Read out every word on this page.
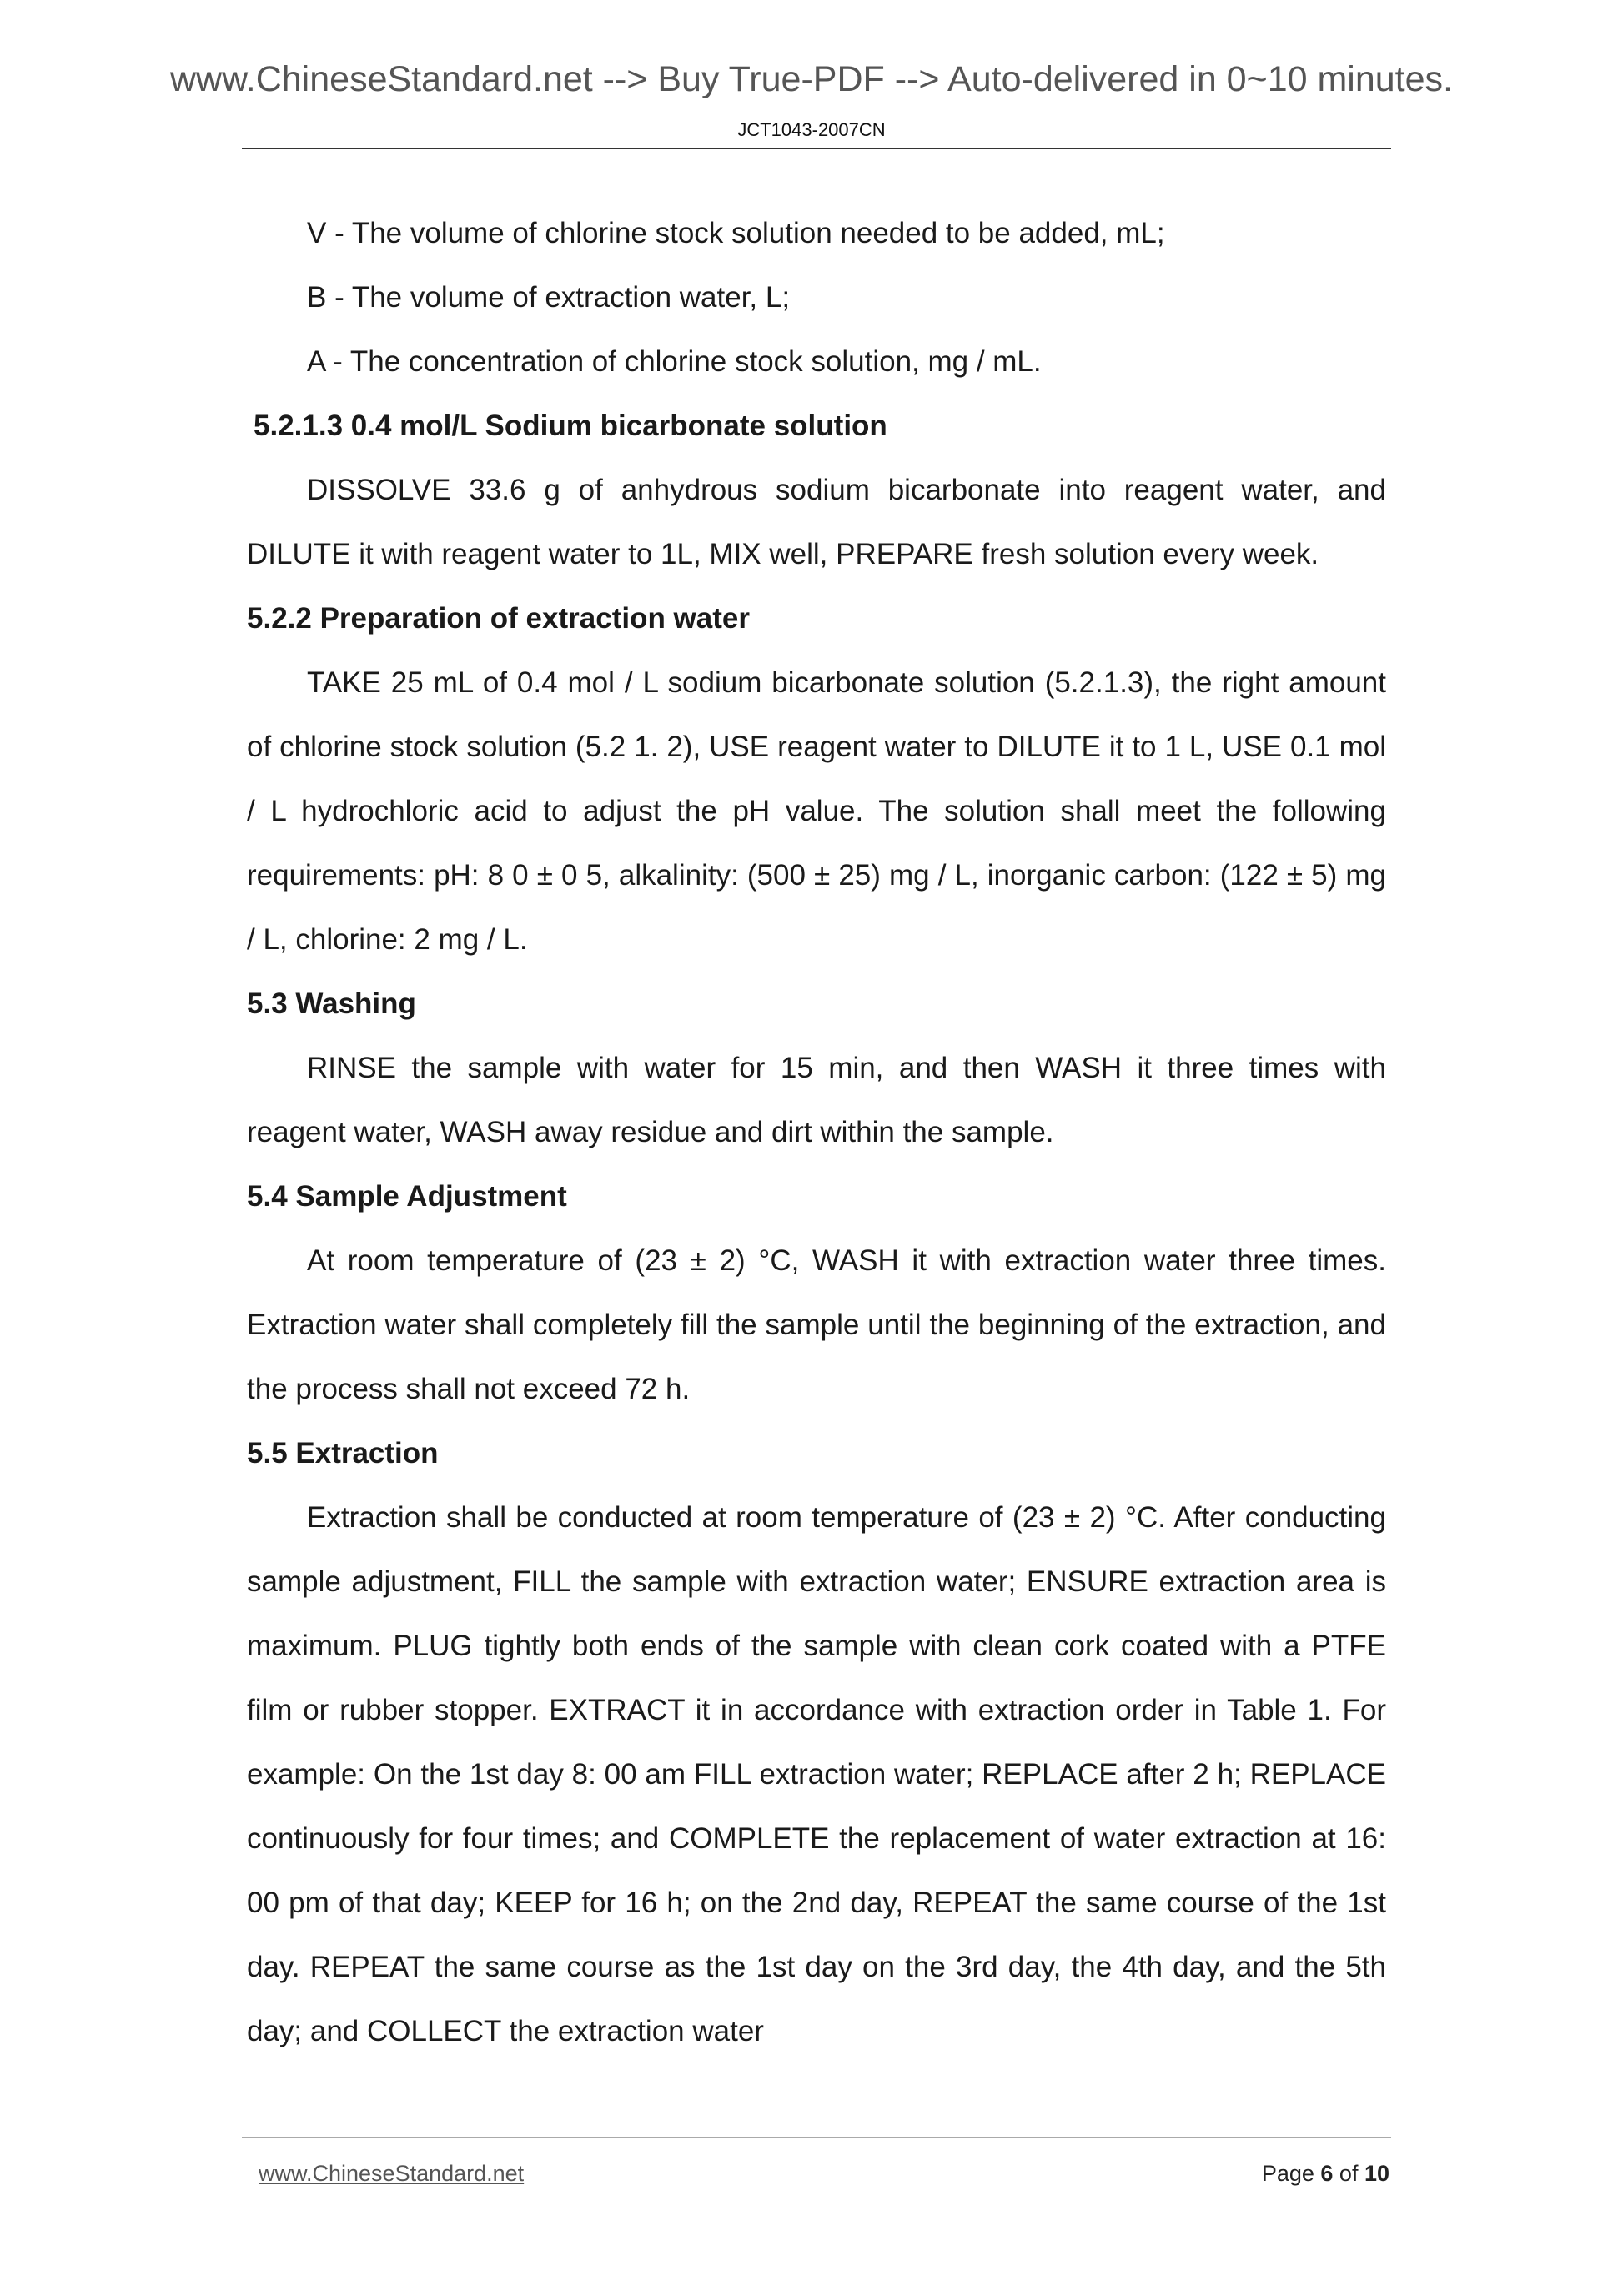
www.ChineseStandard.net --> Buy True-PDF --> Auto-delivered in 0~10 minutes.
JCT1043-2007CN

V - The volume of chlorine stock solution needed to be added, mL;

B - The volume of extraction water, L;

A - The concentration of chlorine stock solution, mg / mL.

5.2.1.3 0.4 mol/L Sodium bicarbonate solution

DISSOLVE 33.6 g of anhydrous sodium bicarbonate into reagent water, and DILUTE it with reagent water to 1L, MIX well, PREPARE fresh solution every week.

5.2.2 Preparation of extraction water

TAKE 25 mL of 0.4 mol / L sodium bicarbonate solution (5.2.1.3), the right amount of chlorine stock solution (5.2 1. 2), USE reagent water to DILUTE it to 1 L, USE 0.1 mol / L hydrochloric acid to adjust the pH value. The solution shall meet the following requirements: pH: 8 0 ± 0 5, alkalinity: (500 ± 25) mg / L, inorganic carbon: (122 ± 5) mg / L, chlorine: 2 mg / L.

5.3 Washing

RINSE the sample with water for 15 min, and then WASH it three times with reagent water, WASH away residue and dirt within the sample.

5.4 Sample Adjustment

At room temperature of (23 ± 2) °C, WASH it with extraction water three times. Extraction water shall completely fill the sample until the beginning of the extraction, and the process shall not exceed 72 h.

5.5 Extraction

Extraction shall be conducted at room temperature of (23 ± 2) °C. After conducting sample adjustment, FILL the sample with extraction water; ENSURE extraction area is maximum. PLUG tightly both ends of the sample with clean cork coated with a PTFE film or rubber stopper. EXTRACT it in accordance with extraction order in Table 1. For example: On the 1st day 8: 00 am FILL extraction water; REPLACE after 2 h; REPLACE continuously for four times; and COMPLETE the replacement of water extraction at 16: 00 pm of that day; KEEP for 16 h; on the 2nd day, REPEAT the same course of the 1st day. REPEAT the same course as the 1st day on the 3rd day, the 4th day, and the 5th day; and COLLECT the extraction water

www.ChineseStandard.net	Page 6 of 10
